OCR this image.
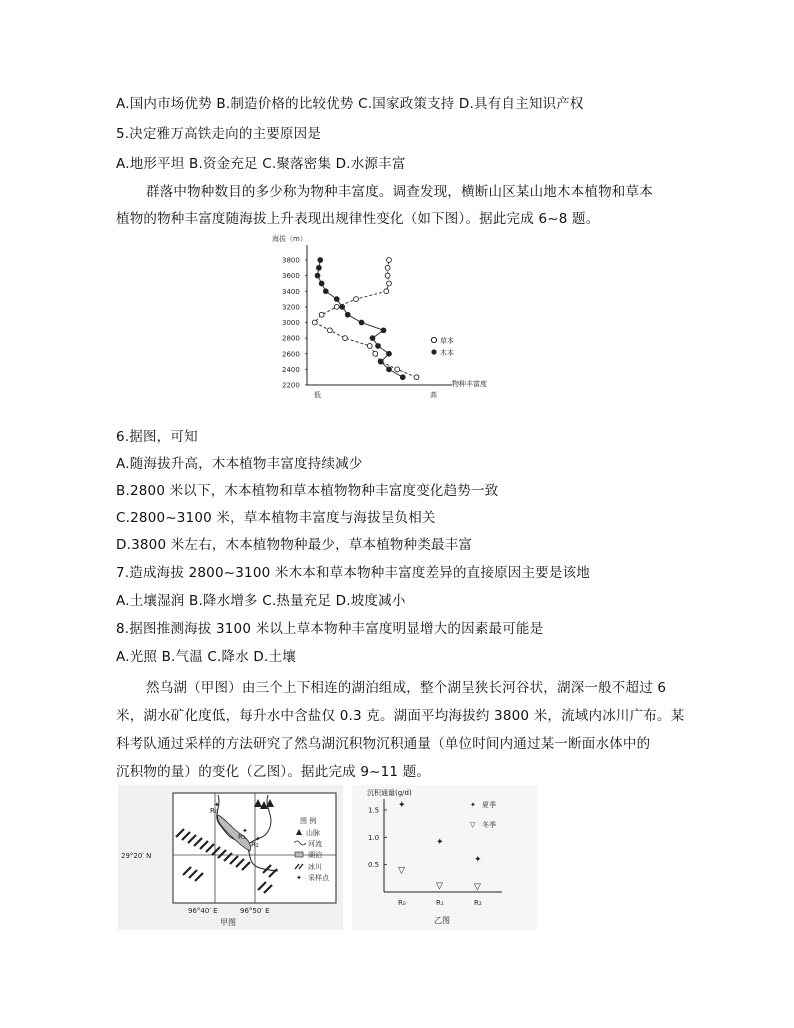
A.国内市场优势 B.制造价格的比较优势 C.国家政策支持 D.具有自主知识产权
5.决定雅万高铁走向的主要原因是
A.地形平坦 B.资金充足 C.聚落密集 D.水源丰富
群落中物种数目的多少称为物种丰富度。调查发现，横断山区某山地木本植物和草本
植物的物种丰富度随海拔上升表现出规律性变化（如下图）。据此完成 6~8 题。
海拔（m）
2200
2400
2600
2800
3000
3200
3400
3600
3800
低	高
物种丰富度
草本
木本
6.据图，可知
A.随海拔升高，木本植物丰富度持续减少
B.2800 米以下，木本植物和草本植物物种丰富度变化趋势一致
C.2800~3100 米，草本植物丰富度与海拔呈负相关
D.3800 米左右，木本植物物种最少，草本植物种类最丰富
7.造成海拔 2800~3100 米木本和草本物种丰富度差异的直接原因主要是该地
A.土壤湿润 B.降水增多 C.热量充足 D.坡度减小
8.据图推测海拔 3100 米以上草本物种丰富度明显增大的因素最可能是
A.光照 B.气温 C.降水 D.土壤
然乌湖（甲图）由三个上下相连的湖泊组成，整个湖呈狭长河谷状，湖深一般不超过 6
米，湖水矿化度低，每升水中含盐仅 0.3 克。湖面平均海拔约 3800 米，流域内冰川广布。某
科考队通过采样的方法研究了然乌湖沉积物沉积通量（单位时间内通过某一断面水体中的
沉积物的量）的变化（乙图）。据此完成 9~11 题。
R₀
✦
R₁
✦
R₂
✦
图 例
山脉
河流
湖泊
冰川
✦ 采样点
29°20′ N
96°40′ E	96°50′ E
甲图
沉积通量(g/d)
0.5
1.0
1.5
R₀	R₁	R₂
✦
✦
✦
▽
▽	▽
✦ 夏季
▽ 冬季
乙图
